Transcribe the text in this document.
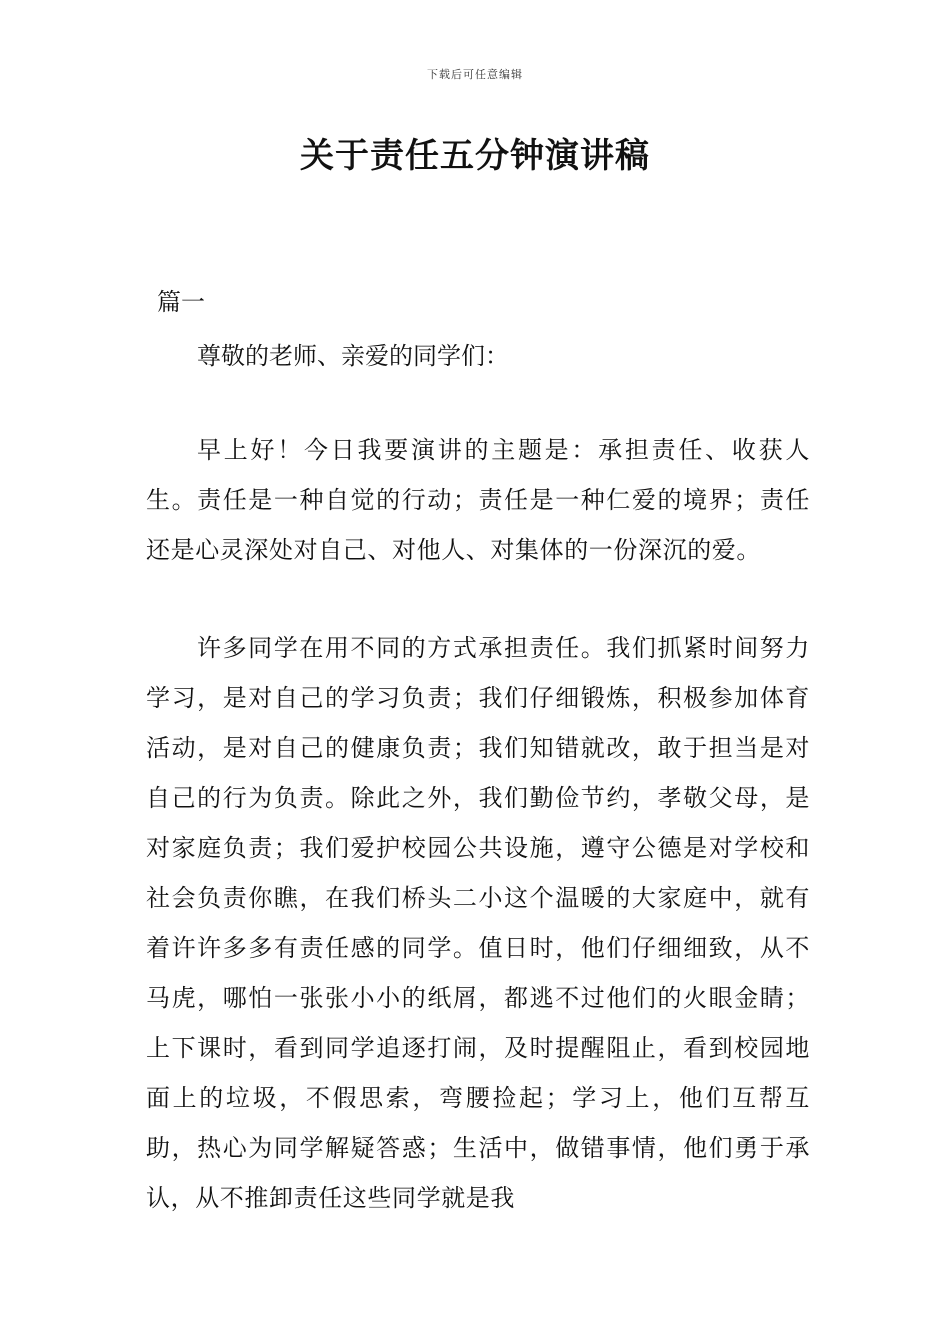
下载后可任意编辑
关于责任五分钟演讲稿

篇一

尊敬的老师、亲爱的同学们：

早上好！今日我要演讲的主题是：承担责任、收获人生。责任是一种自觉的行动；责任是一种仁爱的境界；责任还是心灵深处对自己、对他人、对集体的一份深沉的爱。

许多同学在用不同的方式承担责任。我们抓紧时间努力学习，是对自己的学习负责；我们仔细锻炼，积极参加体育活动，是对自己的健康负责；我们知错就改，敢于担当是对自己的行为负责。除此之外，我们勤俭节约，孝敬父母，是对家庭负责；我们爱护校园公共设施，遵守公德是对学校和社会负责你瞧，在我们桥头二小这个温暖的大家庭中，就有着许许多多有责任感的同学。值日时，他们仔细细致，从不马虎，哪怕一张张小小的纸屑，都逃不过他们的火眼金睛；上下课时，看到同学追逐打闹，及时提醒阻止，看到校园地面上的垃圾，不假思索，弯腰捡起；学习上，他们互帮互助，热心为同学解疑答惑；生活中，做错事情，他们勇于承认，从不推卸责任这些同学就是我
